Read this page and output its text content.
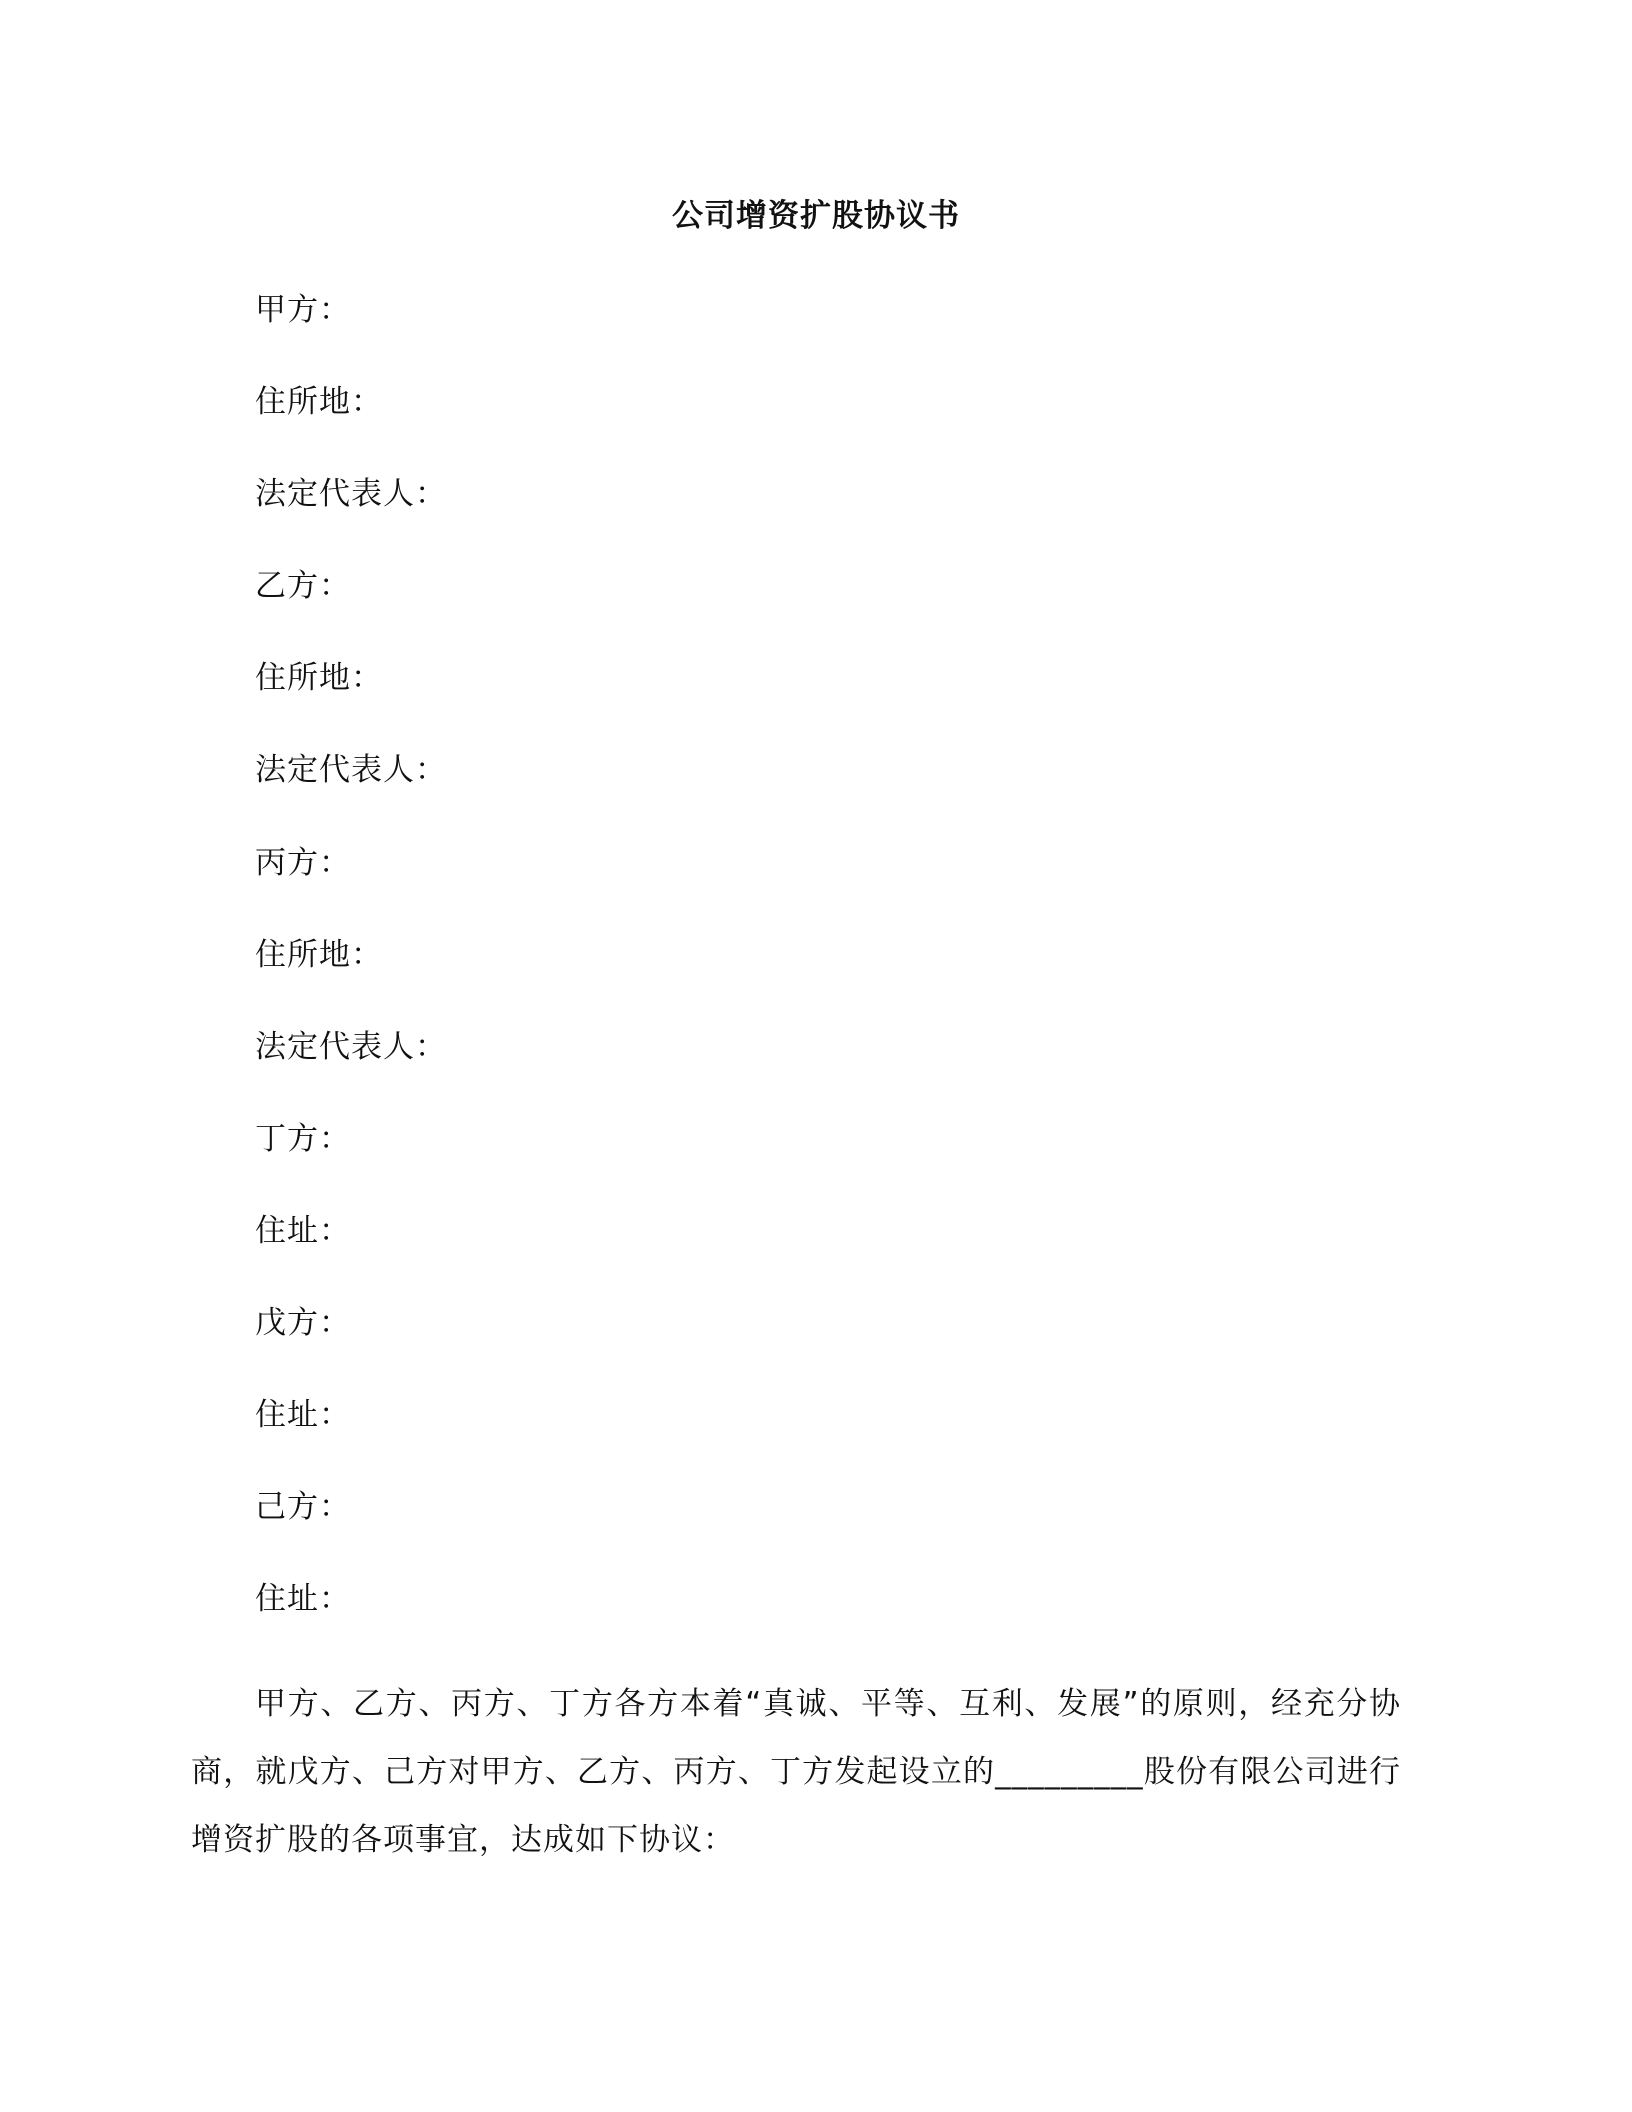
公司增资扩股协议书
甲方：
住所地：
法定代表人：
乙方：
住所地：
法定代表人：
丙方：
住所地：
法定代表人：
丁方：
住址：
戊方：
住址：
己方：
住址：
甲方、乙方、丙方、丁方各方本着“真诚、平等、互利、发展”的原则，经充分协商，就戊方、己方对甲方、乙方、丙方、丁方发起设立的_________股份有限公司进行增资扩股的各项事宜，达成如下协议：
